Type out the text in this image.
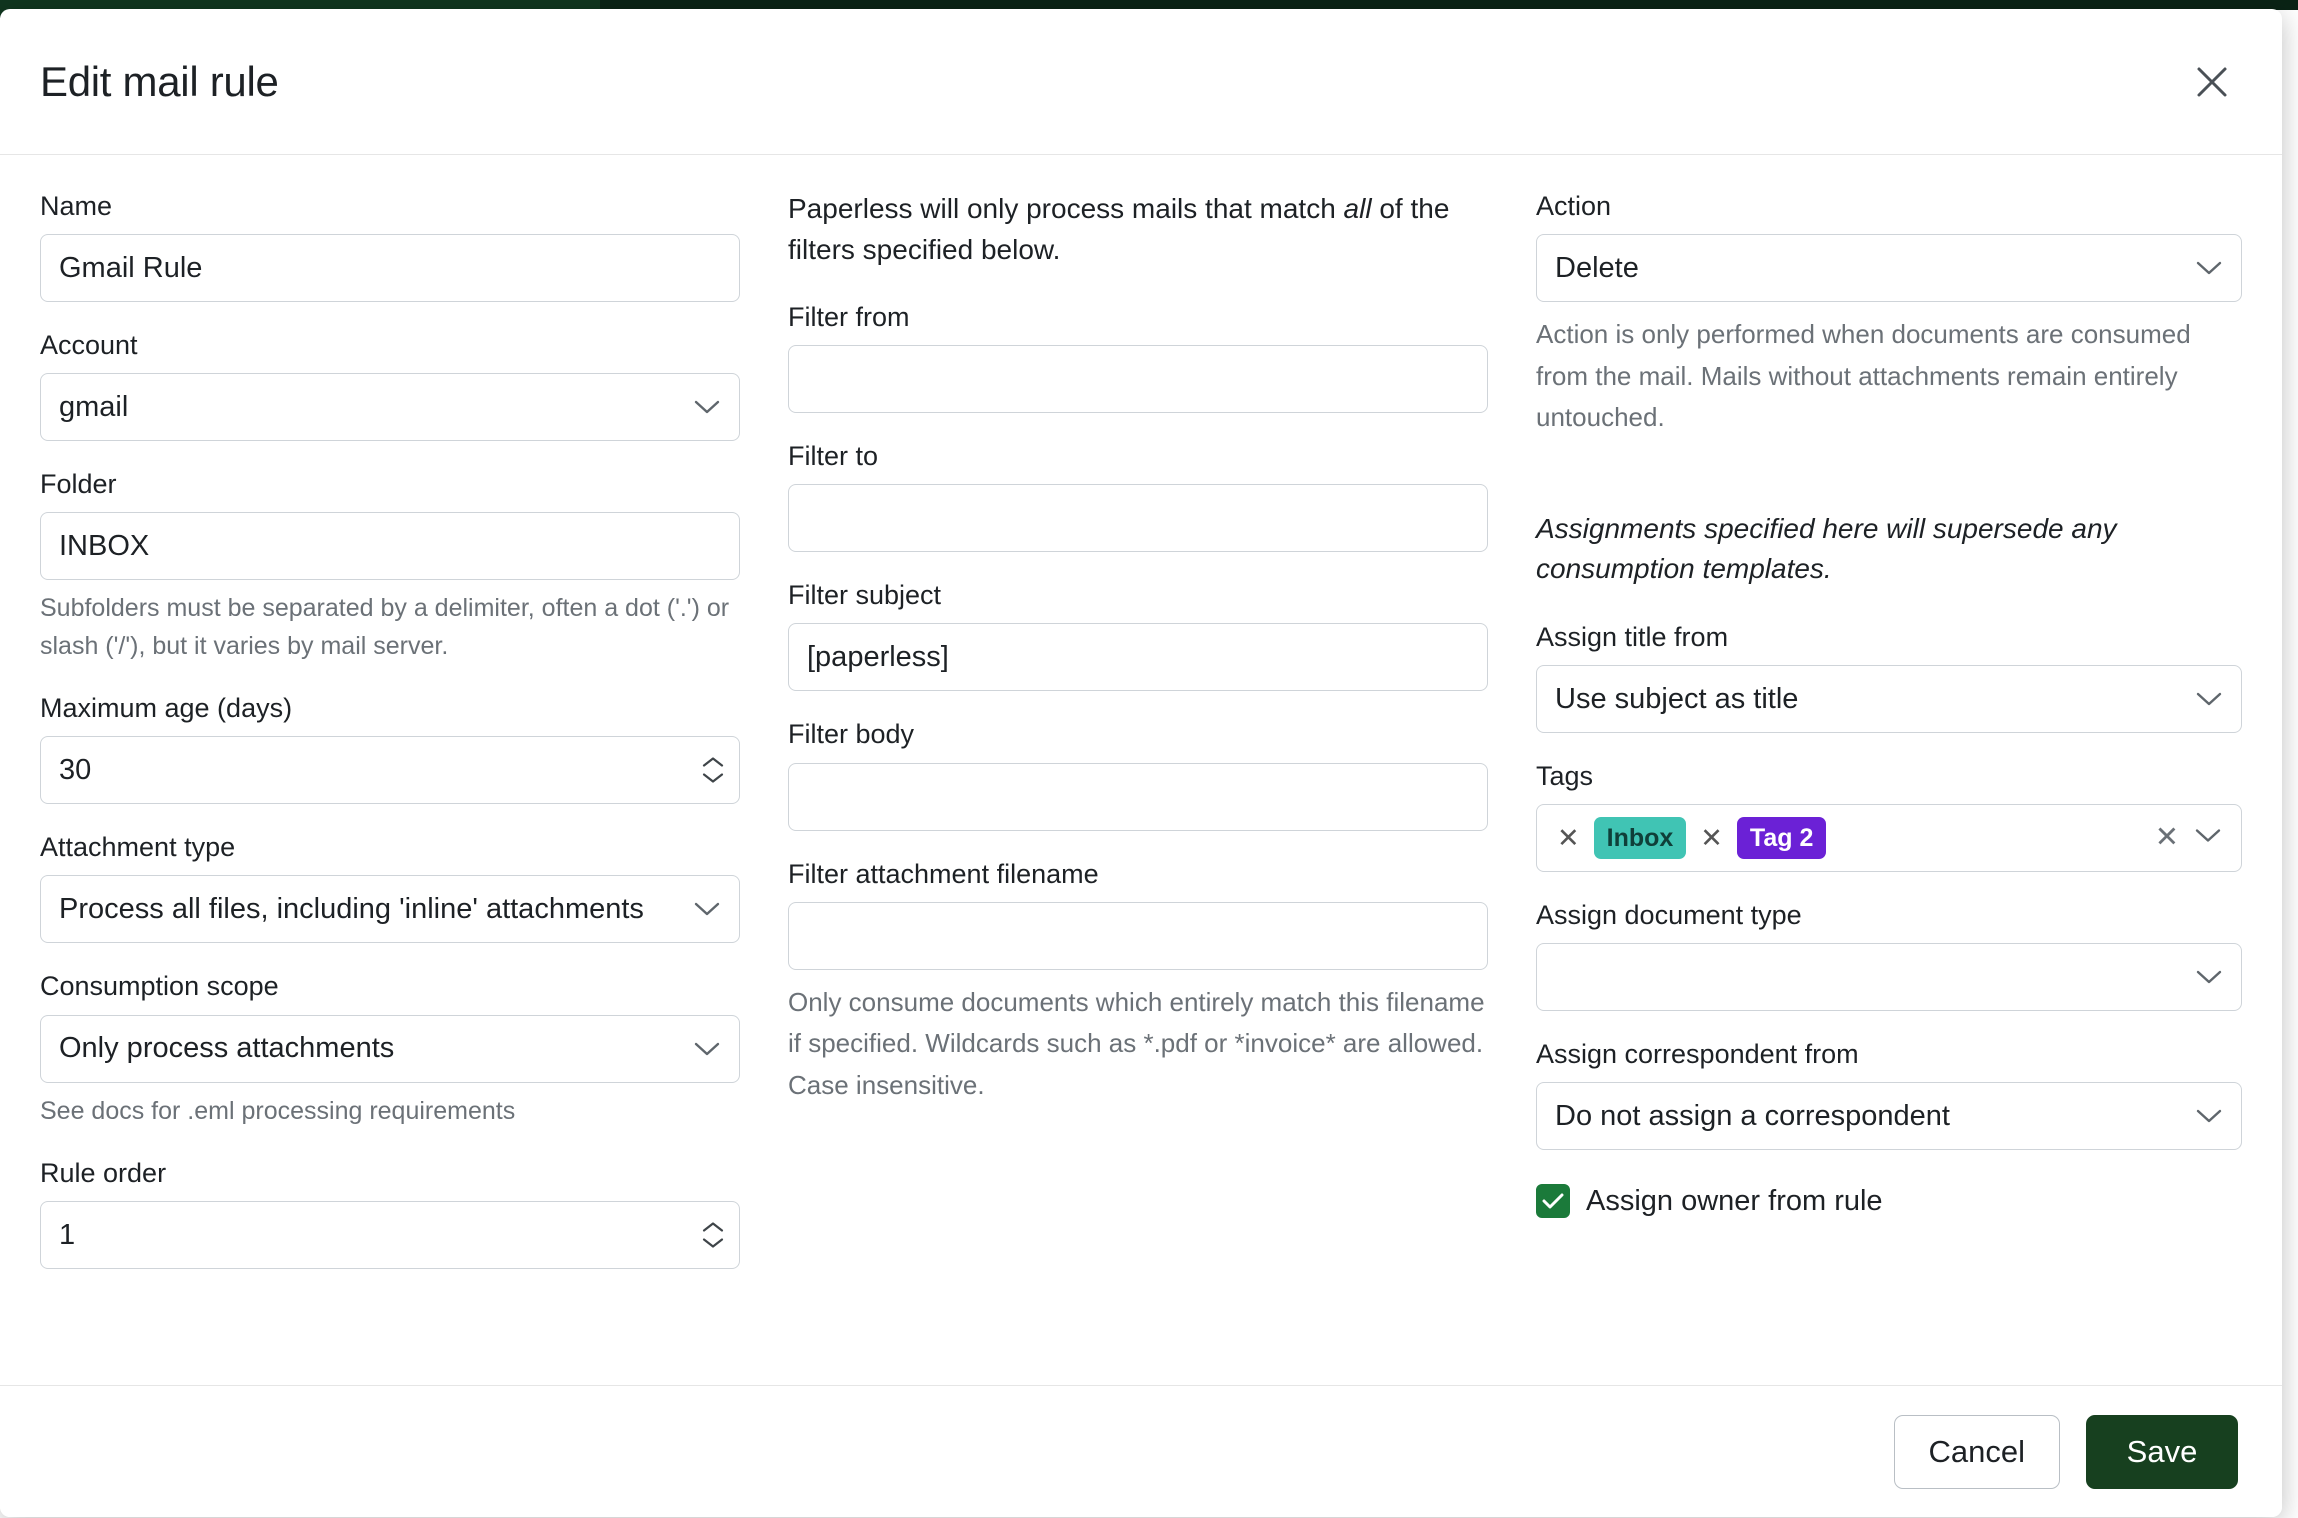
Edit mail rule
Name
Gmail Rule
Account
gmail
Folder
INBOX
Subfolders must be separated by a delimiter, often a dot ('.') or slash ('/'), but it varies by mail server.
Maximum age (days)
30
Attachment type
Process all files, including 'inline' attachments
Consumption scope
Only process attachments
See docs for .eml processing requirements
Rule order
1
Paperless will only process mails that match all of the filters specified below.
Filter from
Filter to
Filter subject
[paperless]
Filter body
Filter attachment filename
Only consume documents which entirely match this filename if specified. Wildcards such as *.pdf or *invoice* are allowed. Case insensitive.
Action
Delete
Action is only performed when documents are consumed from the mail. Mails without attachments remain entirely untouched.
Assignments specified here will supersede any consumption templates.
Assign title from
Use subject as title
Tags
✕	Inbox	✕	Tag 2	✕
Assign document type
Assign correspondent from
Do not assign a correspondent
Assign owner from rule
Cancel	Save
